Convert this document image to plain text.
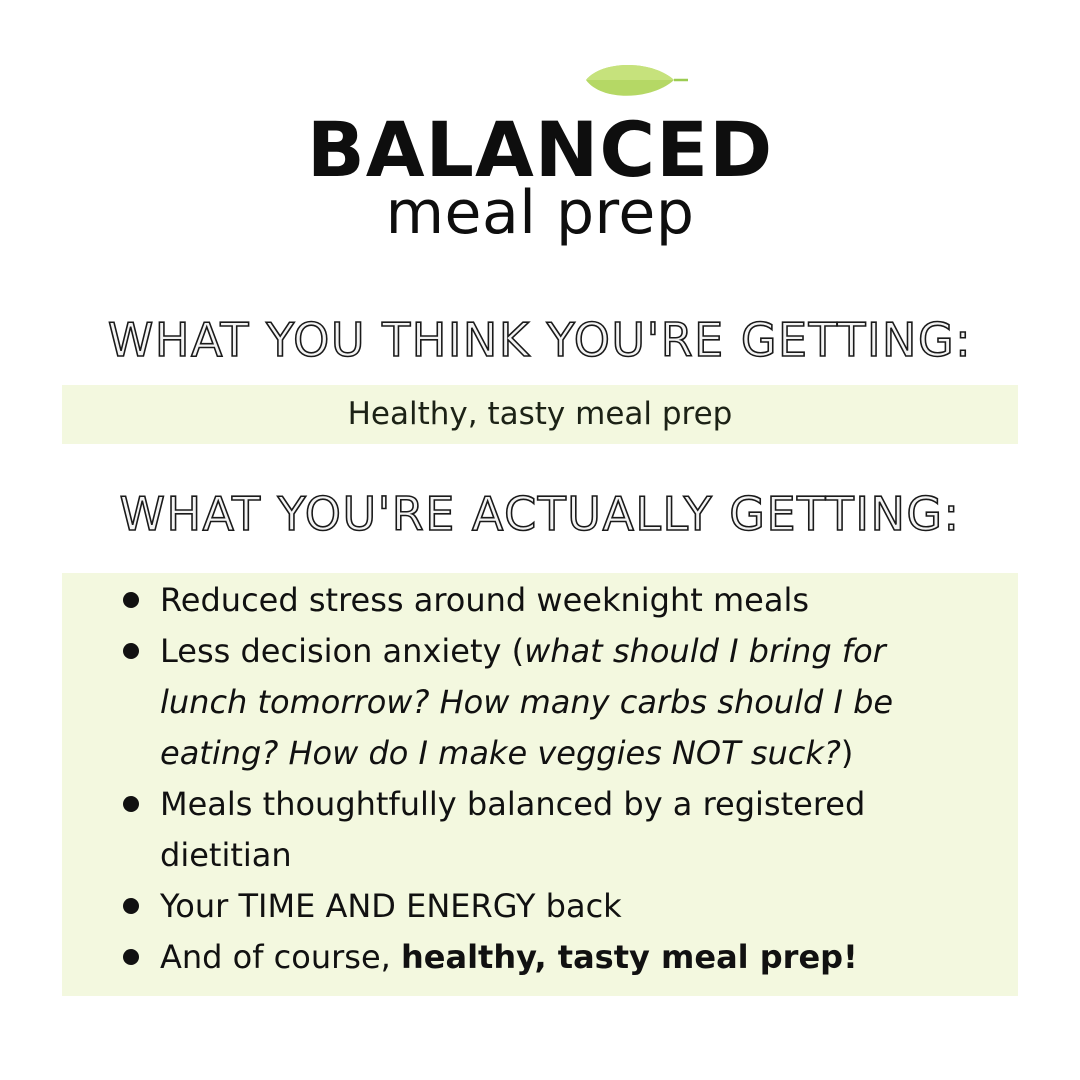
BALANCED
meal prep
WHAT YOU THINK YOU'RE GETTING:
Healthy, tasty meal prep
WHAT YOU'RE ACTUALLY GETTING:
Reduced stress around weeknight meals
Less decision anxiety (what should I bring for lunch tomorrow? How many carbs should I be eating? How do I make veggies NOT suck?)
Meals thoughtfully balanced by a registered dietitian
Your TIME AND ENERGY back
And of course, healthy, tasty meal prep!
